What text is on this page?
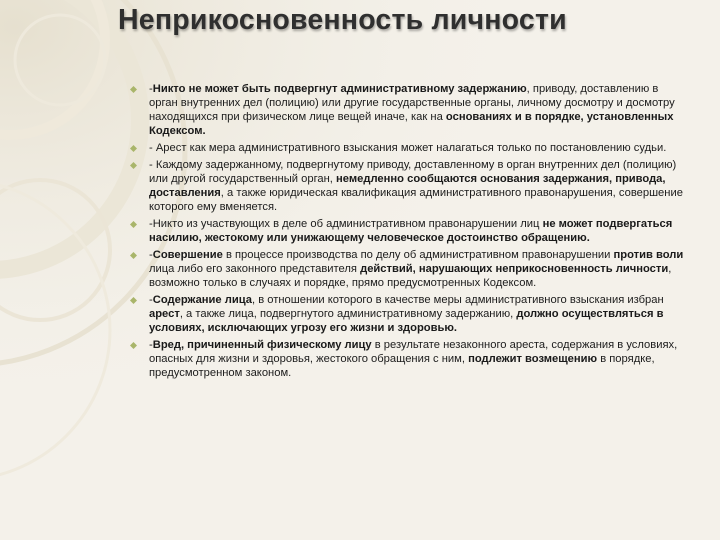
Неприкосновенность личности
-Никто не может быть подвергнут административному задержанию, приводу, доставлению в орган внутренних дел (полицию) или другие государственные органы, личному досмотру и досмотру находящихся при физическом лице вещей иначе, как на основаниях и в порядке, установленных Кодексом.
- Арест как мера административного взыскания может налагаться только по постановлению судьи.
- Каждому задержанному, подвергнутому приводу, доставленному в орган внутренних дел (полицию) или другой государственный орган, немедленно сообщаются основания задержания, привода, доставления, а также юридическая квалификация административного правонарушения, совершение которого ему вменяется.
-Никто из участвующих в деле об административном правонарушении лиц не может подвергаться насилию, жестокому или унижающему человеческое достоинство обращению.
-Совершение в процессе производства по делу об административном правонарушении против воли лица либо его законного представителя действий, нарушающих неприкосновенность личности, возможно только в случаях и порядке, прямо предусмотренных Кодексом.
-Содержание лица, в отношении которого в качестве меры административного взыскания избран арест, а также лица, подвергнутого административному задержанию, должно осуществляться в условиях, исключающих угрозу его жизни и здоровью.
-Вред, причиненный физическому лицу в результате незаконного ареста, содержания в условиях, опасных для жизни и здоровья, жестокого обращения с ним, подлежит возмещению в порядке, предусмотренном законом.
